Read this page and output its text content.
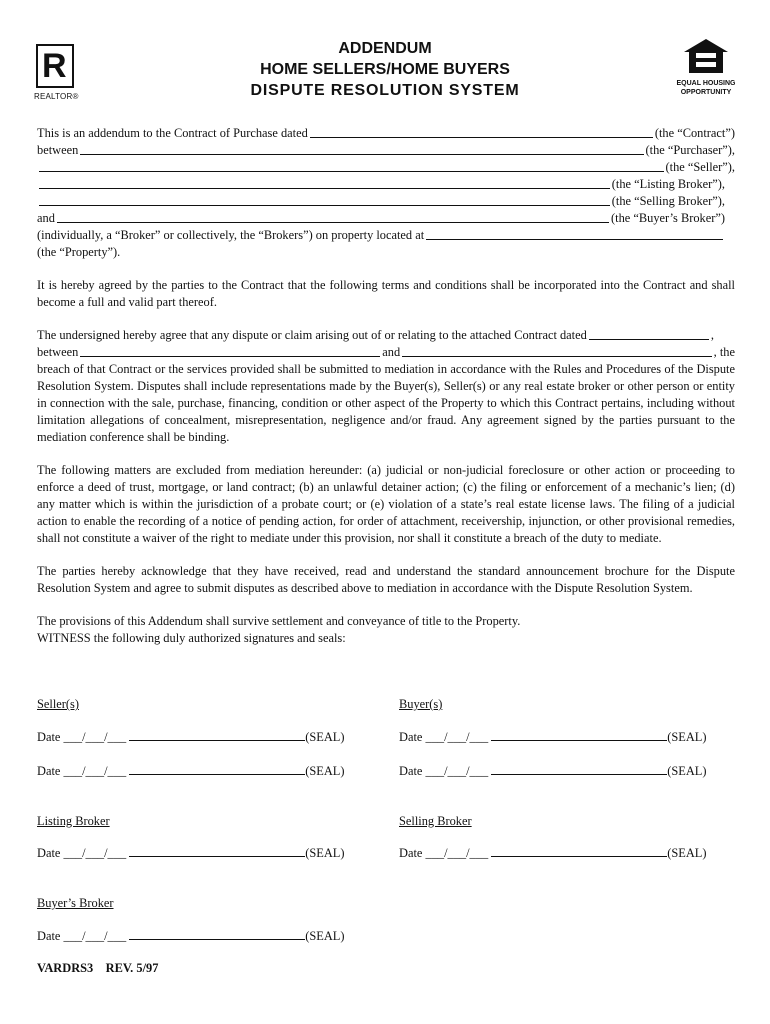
R
REALTOR®
ADDENDUM
HOME SELLERS/HOME BUYERS
DISPUTE RESOLUTION SYSTEM	EQUAL HOUSING
OPPORTUNITY
This is an addendum to the Contract of Purchase dated	(the “Contract”)
between	(the “Purchaser”),
(the “Seller”),
(the “Listing Broker”),
(the “Selling Broker”),
and	(the “Buyer’s Broker”)
(individually, a “Broker” or collectively, the “Brokers”) on property located at
(the “Property”).
It is hereby agreed by the parties to the Contract that the following terms and conditions shall be incorporated into the Contract and shall become a full and valid part thereof.
The undersigned hereby agree that any dispute or claim arising out of or relating to the attached Contract dated	,
between	and	, the
breach of that Contract or the services provided shall be submitted to mediation in accordance with the Rules and Procedures of the Dispute Resolution System. Disputes shall include representations made by the Buyer(s), Seller(s) or any real estate broker or other person or entity in connection with the sale, purchase, financing, condition or other aspect of the Property to which this Contract pertains, including without limitation allegations of concealment, misrepresentation, negligence and/or fraud. Any agreement signed by the parties pursuant to the mediation conference shall be binding.
The following matters are excluded from mediation hereunder: (a) judicial or non-judicial foreclosure or other action or proceeding to enforce a deed of trust, mortgage, or land contract; (b) an unlawful detainer action; (c) the filing or enforcement of a mechanic’s lien; (d) any matter which is within the jurisdiction of a probate court; or (e) violation of a state’s real estate license laws. The filing of a judicial action to enable the recording of a notice of pending action, for order of attachment, receivership, injunction, or other provisional remedies, shall not constitute a waiver of the right to mediate under this provision, nor shall it constitute a breach of the duty to mediate.
The parties hereby acknowledge that they have received, read and understand the standard announcement brochure for the Dispute Resolution System and agree to submit disputes as described above to mediation in accordance with the Dispute Resolution System.
The provisions of this Addendum shall survive settlement and conveyance of title to the Property.
WITNESS the following duly authorized signatures and seals:
Seller(s)	Buyer(s)
Date ___/___/___	(SEAL)	Date ___/___/___	(SEAL)
Date ___/___/___	(SEAL)	Date ___/___/___	(SEAL)
Listing Broker	Selling Broker
Date ___/___/___	(SEAL)	Date ___/___/___	(SEAL)
Buyer’s Broker
Date ___/___/___	(SEAL)
VARDRS3 REV. 5/97
